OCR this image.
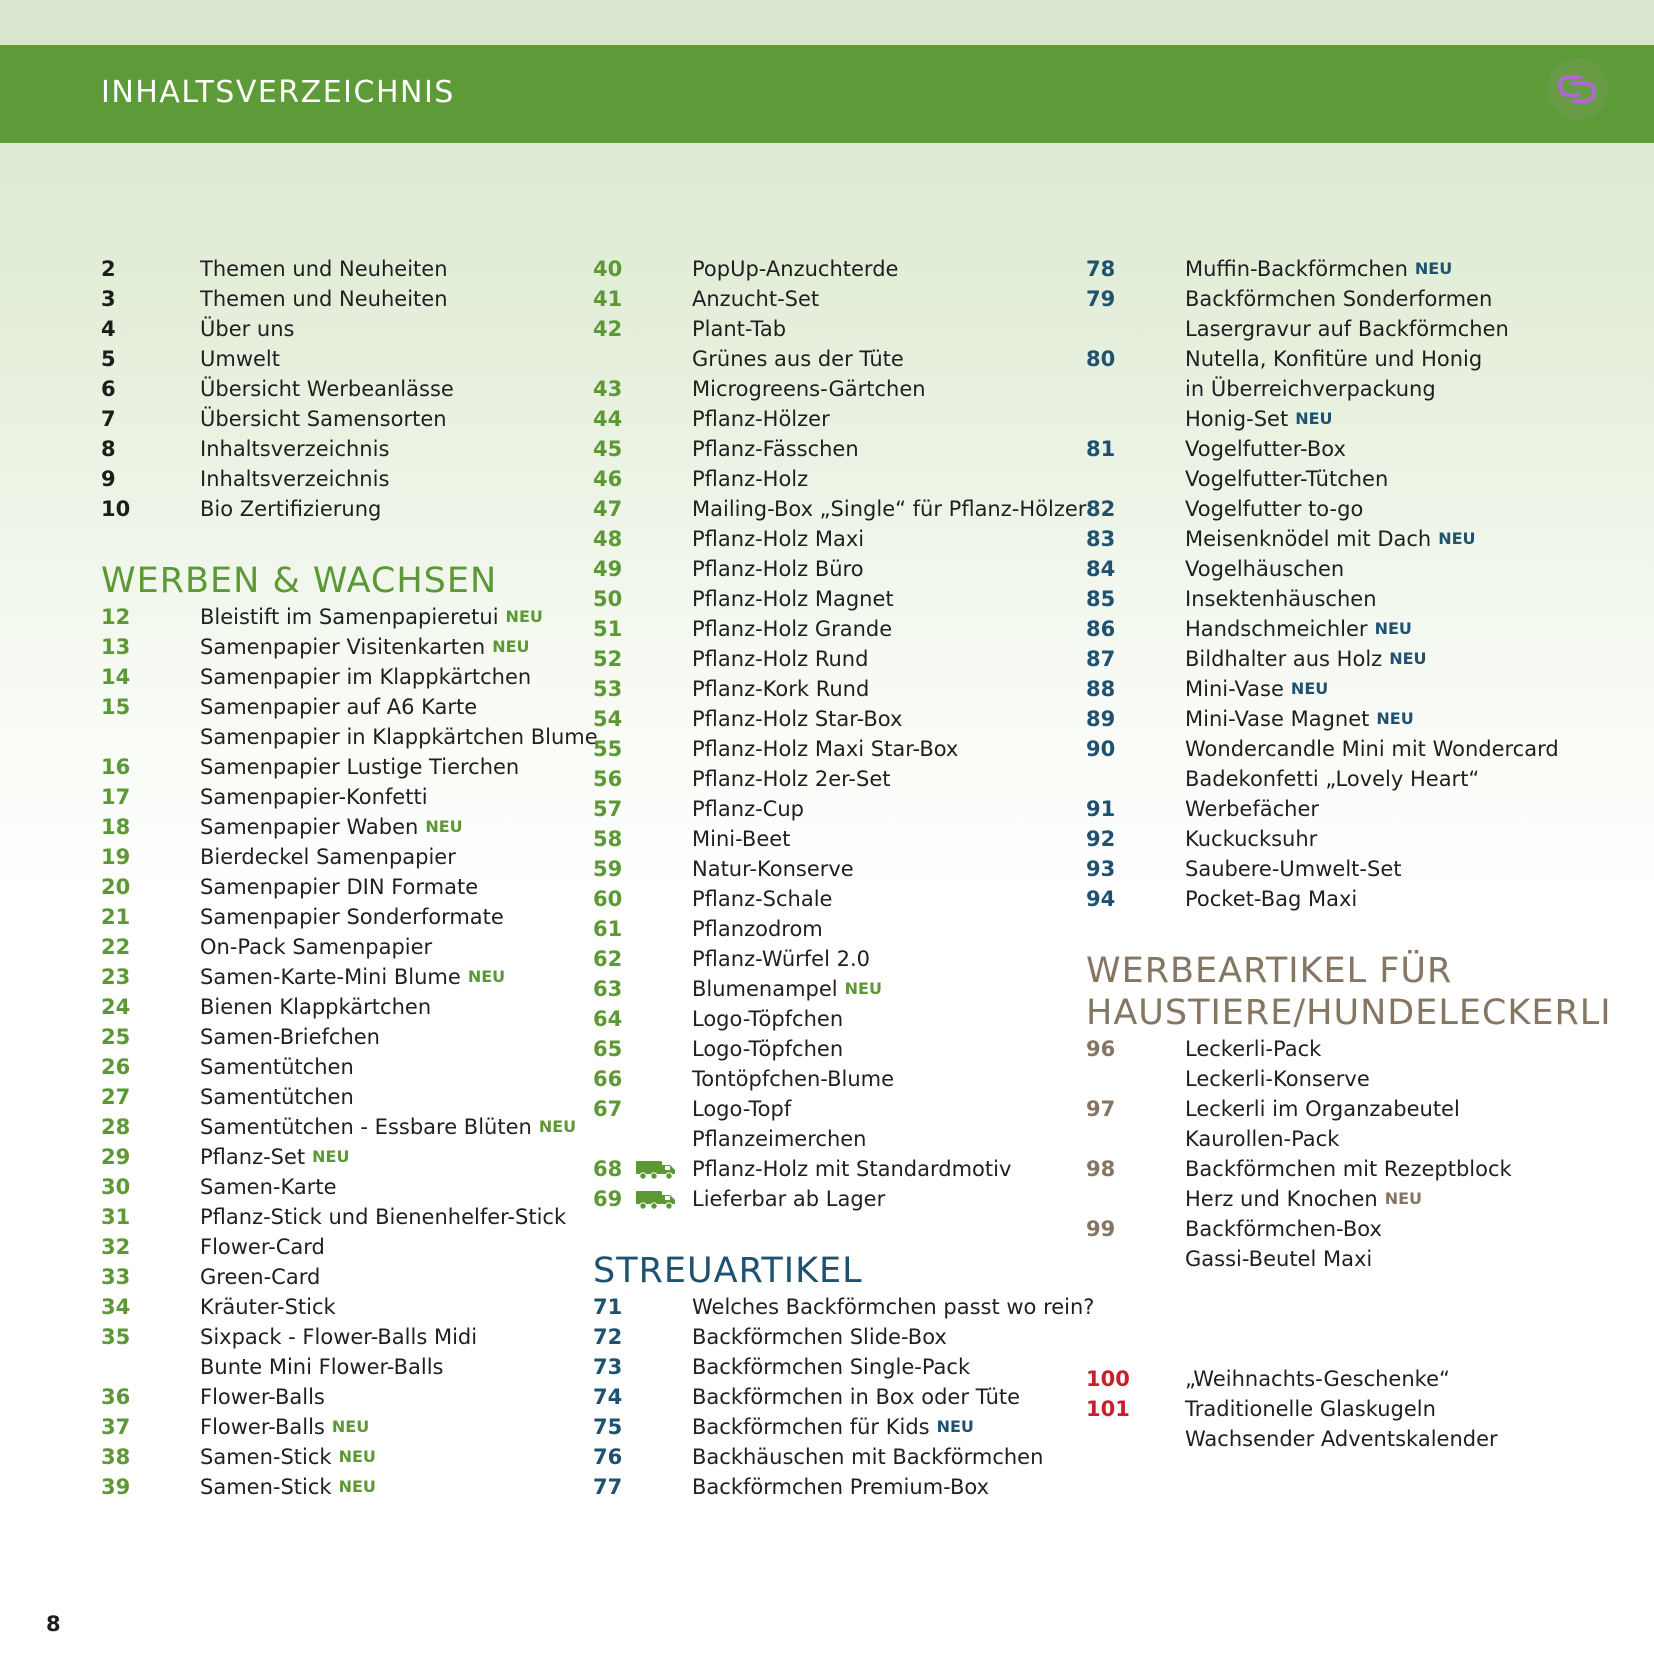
INHALTSVERZEICHNIS
2	Themen und Neuheiten
3	Themen und Neuheiten
4	Über uns
5	Umwelt
6	Übersicht Werbeanlässe
7	Übersicht Samensorten
8	Inhaltsverzeichnis
9	Inhaltsverzeichnis
10	Bio Zertifizierung
WERBEN & WACHSEN
12	Bleistift im Samenpapieretui NEU
13	Samenpapier Visitenkarten NEU
14	Samenpapier im Klappkärtchen
15	Samenpapier auf A6 Karte
Samenpapier in Klappkärtchen Blume
16	Samenpapier Lustige Tierchen
17	Samenpapier-Konfetti
18	Samenpapier Waben NEU
19	Bierdeckel Samenpapier
20	Samenpapier DIN Formate
21	Samenpapier Sonderformate
22	On-Pack Samenpapier
23	Samen-Karte-Mini Blume NEU
24	Bienen Klappkärtchen
25	Samen-Briefchen
26	Samentütchen
27	Samentütchen
28	Samentütchen - Essbare Blüten NEU
29	Pflanz-Set NEU
30	Samen-Karte
31	Pflanz-Stick und Bienenhelfer-Stick
32	Flower-Card
33	Green-Card
34	Kräuter-Stick
35	Sixpack - Flower-Balls Midi
Bunte Mini Flower-Balls
36	Flower-Balls
37	Flower-Balls NEU
38	Samen-Stick NEU
39	Samen-Stick NEU
40	PopUp-Anzuchterde
41	Anzucht-Set
42	Plant-Tab
Grünes aus der Tüte
43	Microgreens-Gärtchen
44	Pflanz-Hölzer
45	Pflanz-Fässchen
46	Pflanz-Holz
47	Mailing-Box „Single“ für Pflanz-Hölzer
48	Pflanz-Holz Maxi
49	Pflanz-Holz Büro
50	Pflanz-Holz Magnet
51	Pflanz-Holz Grande
52	Pflanz-Holz Rund
53	Pflanz-Kork Rund
54	Pflanz-Holz Star-Box
55	Pflanz-Holz Maxi Star-Box
56	Pflanz-Holz 2er-Set
57	Pflanz-Cup
58	Mini-Beet
59	Natur-Konserve
60	Pflanz-Schale
61	Pflanzodrom
62	Pflanz-Würfel 2.0
63	Blumenampel NEU
64	Logo-Töpfchen
65	Logo-Töpfchen
66	Tontöpfchen-Blume
67	Logo-Topf
Pflanzeimerchen
68	Pflanz-Holz mit Standardmotiv
69	Lieferbar ab Lager
STREUARTIKEL
71	Welches Backförmchen passt wo rein?
72	Backförmchen Slide-Box
73	Backförmchen Single-Pack
74	Backförmchen in Box oder Tüte
75	Backförmchen für Kids NEU
76	Backhäuschen mit Backförmchen
77	Backförmchen Premium-Box
78	Muffin-Backförmchen NEU
79	Backförmchen Sonderformen
Lasergravur auf Backförmchen
80	Nutella, Konfitüre und Honig
in Überreichverpackung
Honig-Set NEU
81	Vogelfutter-Box
Vogelfutter-Tütchen
82	Vogelfutter to-go
83	Meisenknödel mit Dach NEU
84	Vogelhäuschen
85	Insektenhäuschen
86	Handschmeichler NEU
87	Bildhalter aus Holz NEU
88	Mini-Vase NEU
89	Mini-Vase Magnet NEU
90	Wondercandle Mini mit Wondercard
Badekonfetti „Lovely Heart“
91	Werbefächer
92	Kuckucksuhr
93	Saubere-Umwelt-Set
94	Pocket-Bag Maxi
WERBEARTIKEL FÜR
HAUSTIERE/HUNDELECKERLI
96	Leckerli-Pack
Leckerli-Konserve
97	Leckerli im Organzabeutel
Kaurollen-Pack
98	Backförmchen mit Rezeptblock
Herz und Knochen NEU
99	Backförmchen-Box
Gassi-Beutel Maxi
100	„Weihnachts-Geschenke“
101	Traditionelle Glaskugeln
Wachsender Adventskalender
8
